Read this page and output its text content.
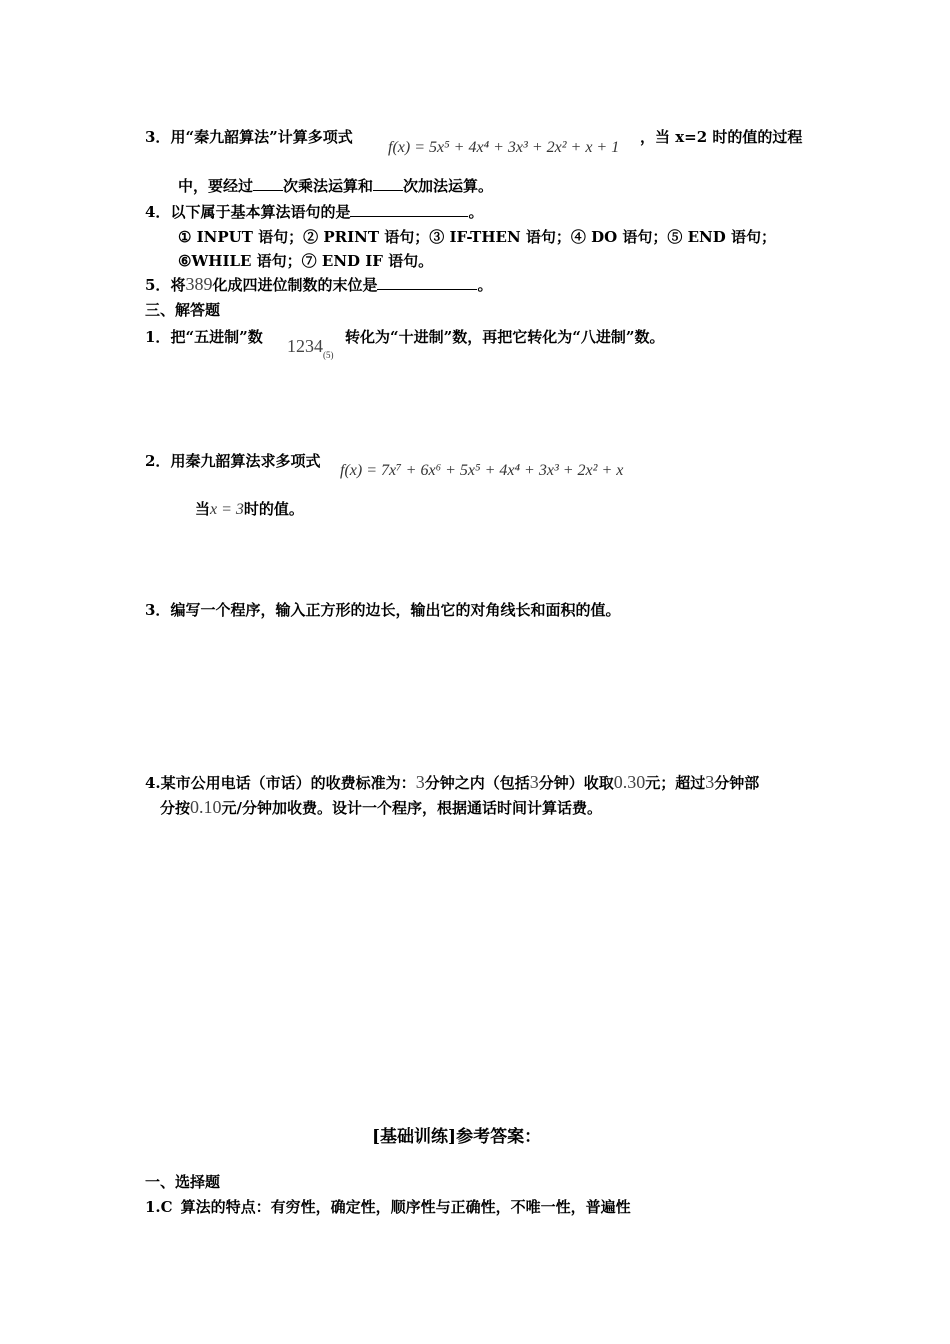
3．用“秦九韶算法”计算多项式
f(x) = 5x⁵ + 4x⁴ + 3x³ + 2x² + x + 1
，当 x=2 时的值的过程
中，要经过 次乘法运算和 次加法运算。
4．以下属于基本算法语句的是	。
① INPUT 语句；② PRINT 语句；③ IF-THEN 语句；④ DO 语句；⑤ END 语句；
⑥WHILE 语句；⑦ END IF 语句。
5．将389化成四进位制数的末位是	。
三、解答题
1．把“五进制”数 $1234_{(5)}$
转化为“十进制”数，再把它转化为“八进制”数。
2．用秦九韶算法求多项式
f(x) = 7x⁷ + 6x⁶ + 5x⁵ + 4x⁴ + 3x³ + 2x² + x
当x = 3时的值。
3．编写一个程序，输入正方形的边长，输出它的对角线长和面积的值。
4.某市公用电话（市话）的收费标准为：3分钟之内（包括3分钟）收取0.30元；超过3分钟部
分按0.10元/分钟加收费。设计一个程序，根据通话时间计算话费。
[基础训练]参考答案：
一、选择题
1.C 算法的特点：有穷性，确定性，顺序性与正确性，不唯一性，普遍性
